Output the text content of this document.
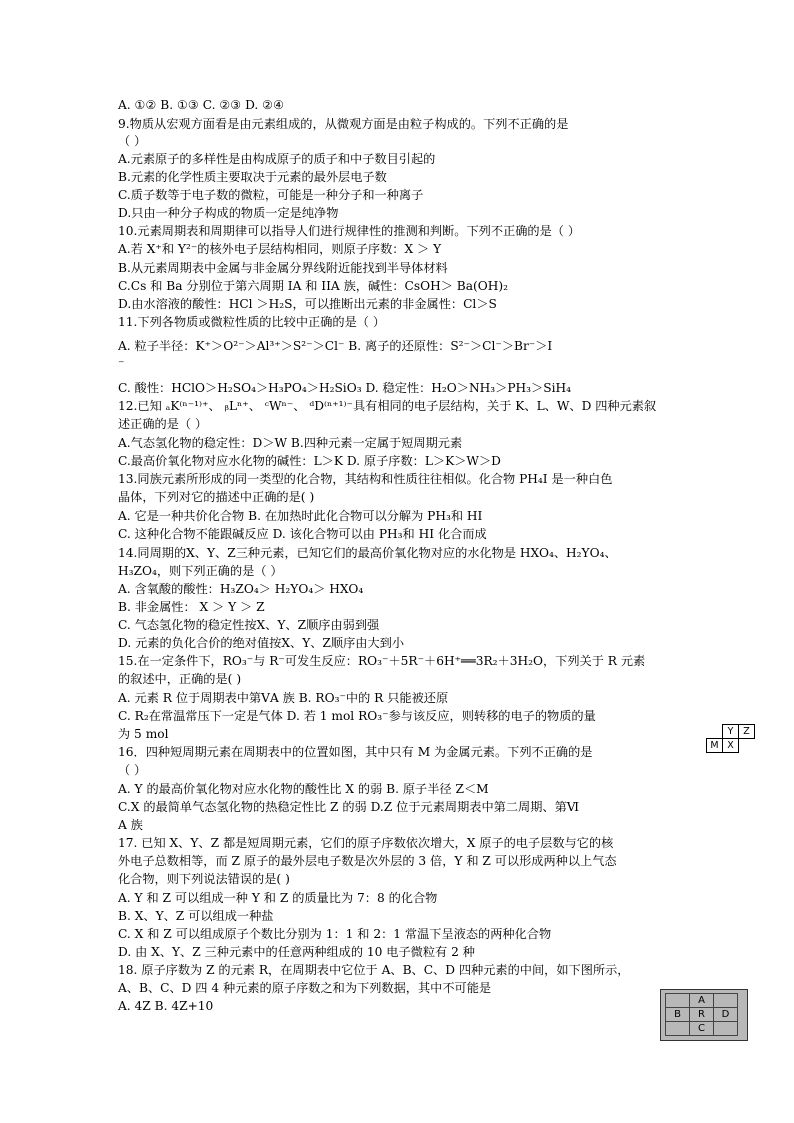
A. ①② B. ①③ C. ②③ D. ②④
9.物质从宏观方面看是由元素组成的，从微观方面是由粒子构成的。下列不正确的是
（ ）
A.元素原子的多样性是由构成原子的质子和中子数目引起的
B.元素的化学性质主要取决于元素的最外层电子数
C.质子数等于电子数的微粒，可能是一种分子和一种离子
D.只由一种分子构成的物质一定是纯净物
10.元素周期表和周期律可以指导人们进行规律性的推测和判断。下列不正确的是（ ）
A.若 X⁺和 Y²⁻的核外电子层结构相同，则原子序数：X ＞ Y
B.从元素周期表中金属与非金属分界线附近能找到半导体材料
C.Cs 和 Ba 分别位于第六周期 IA 和 IIA 族，碱性：CsOH＞ Ba(OH)₂
D.由水溶液的酸性：HCl ＞H₂S，可以推断出元素的非金属性：Cl＞S
11.下列各物质或微粒性质的比较中正确的是（ ）
A. 粒子半径：K⁺＞O²⁻＞Al³⁺＞S²⁻＞Cl⁻ B. 离子的还原性：S²⁻＞Cl⁻＞Br⁻＞I
⁻
C. 酸性：HClO＞H₂SO₄＞H₃PO₄＞H₂SiO₃ D. 稳定性：H₂O＞NH₃＞PH₃＞SiH₄
12.已知 ₐK⁽ⁿ⁻¹⁾⁺、 ᵦLⁿ⁺、 ᶜWⁿ⁻、 ᵈD⁽ⁿ⁺¹⁾⁻具有相同的电子层结构，关于 K、L、W、D 四种元素叙
述正确的是（ ）
A.气态氢化物的稳定性：D＞W B.四种元素一定属于短周期元素
C.最高价氧化物对应水化物的碱性：L＞K D. 原子序数：L＞K＞W＞D
13.同族元素所形成的同一类型的化合物，其结构和性质往往相似。化合物 PH₄I 是一种白色
晶体，下列对它的描述中正确的是( )
A. 它是一种共价化合物 B. 在加热时此化合物可以分解为 PH₃和 HI
C. 这种化合物不能跟碱反应 D. 该化合物可以由 PH₃和 HI 化合而成
14.同周期的X、Y、Z三种元素，已知它们的最高价氧化物对应的水化物是 HXO₄、H₂YO₄、
H₃ZO₄，则下列正确的是（ ）
A. 含氧酸的酸性：H₃ZO₄＞ H₂YO₄＞ HXO₄
B. 非金属性： X ＞ Y ＞ Z
C. 气态氢化物的稳定性按X、Y、Z顺序由弱到强
D. 元素的负化合价的绝对值按X、Y、Z顺序由大到小
15.在一定条件下，RO₃⁻与 R⁻可发生反应：RO₃⁻＋5R⁻＋6H⁺══3R₂＋3H₂O，下列关于 R 元素
的叙述中，正确的是( )
A. 元素 R 位于周期表中第ⅤA 族 B. RO₃⁻中的 R 只能被还原
C. R₂在常温常压下一定是气体 D. 若 1 mol RO₃⁻参与该反应，则转移的电子的物质的量
为 5 mol
16．四种短周期元素在周期表中的位置如图，其中只有 M 为金属元素。下列不正确的是
（ ）
A. Y 的最高价氧化物对应水化物的酸性比 X 的弱 B. 原子半径 Z＜M
C.X 的最简单气态氢化物的热稳定性比 Z 的弱 D.Z 位于元素周期表中第二周期、第Ⅵ
A 族
17. 已知 X、Y、Z 都是短周期元素，它们的原子序数依次增大，X 原子的电子层数与它的核
外电子总数相等，而 Z 原子的最外层电子数是次外层的 3 倍，Y 和 Z 可以形成两种以上气态
化合物，则下列说法错误的是( )
A. Y 和 Z 可以组成一种 Y 和 Z 的质量比为 7：8 的化合物
B. X、Y、Z 可以组成一种盐
C. X 和 Z 可以组成原子个数比分别为 1：1 和 2：1 常温下呈液态的两种化合物
D. 由 X、Y、Z 三种元素中的任意两种组成的 10 电子微粒有 2 种
18. 原子序数为 Z 的元素 R，在周期表中它位于 A、B、C、D 四种元素的中间，如下图所示，
A、B、C、D 四 4 种元素的原子序数之和为下列数据，其中不可能是
A. 4Z B. 4Z+10
	Y	Z
M	X	
	A	
B	R	D
	C	
